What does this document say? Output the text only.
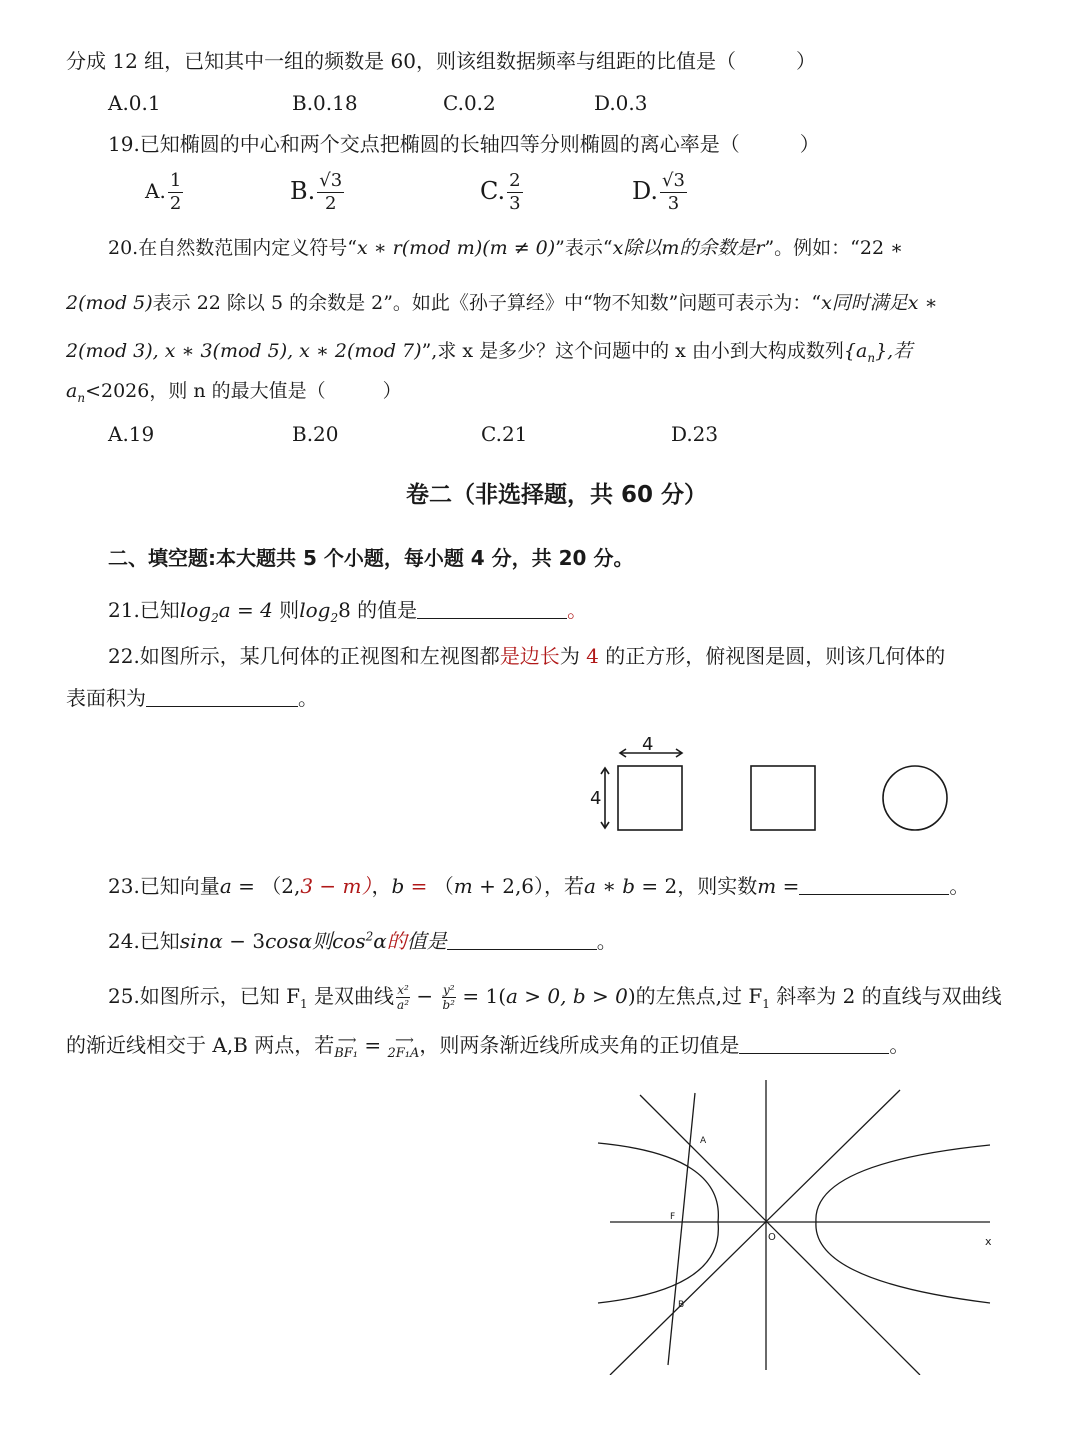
分成 12 组，已知其中一组的频数是 60，则该组数据频率与组距的比值是（　　　）
A.0.1	B.0.18	C.0.2	D.0.3
19.已知椭圆的中心和两个交点把椭圆的长轴四等分则椭圆的离心率是（　　　）
A. $\frac{1}{2}$	B. $\frac{√3}{2}$	C. $\frac{2}{3}$	D. $\frac{√3}{3}$
20.在自然数范围内定义符号“x ∗ r(mod m)(m ≠ 0)”表示“x除以m的余数是r”。例如：“22 ∗
2(mod 5)表示 22 除以 5 的余数是 2”。如此《孙子算经》中“物不知数”问题可表示为：“x同时满足x ∗
2(mod 3), x ∗ 3(mod 5), x ∗ 2(mod 7)”,求 x 是多少？这个问题中的 x 由小到大构成数列$\{a_n\}$,若
$a_n<2026$，则 n 的最大值是（　　　）
A.19	B.20	C.21	D.23
卷二（非选择题，共 60 分）
二、填空题:本大题共 5 个小题，每小题 4 分，共 20 分。
21.已知$\log_2a = 4$ 则$\log_28$ 的值是	。
22.如图所示，某几何体的正视图和左视图都是边长为 4 的正方形，俯视图是圆，则该几何体的
表面积为	。
4
4
23.已知向量a = （2,3 − m），b = （m + 2,6），若a ∗ b = 2，则实数m =	。
24.已知sinα − 3cosα则$\cos^2\alpha$的值是	。
25.如图所示，已知 $F_1$ 是双曲线 $\frac{\text{x²}}{\text{a²}} - \frac{\text{y²}}{\text{b²}} = 1(a > 0$, b > 0)的左焦点,过 $F_1$ 斜率为 2 的直线与双曲线
的渐近线相交于 A,B 两点，若 ⟶
BF₁ = ⟶
2F₁A ，则两条渐近线所成夹角的正切值是	。
A
F
O
B
x
